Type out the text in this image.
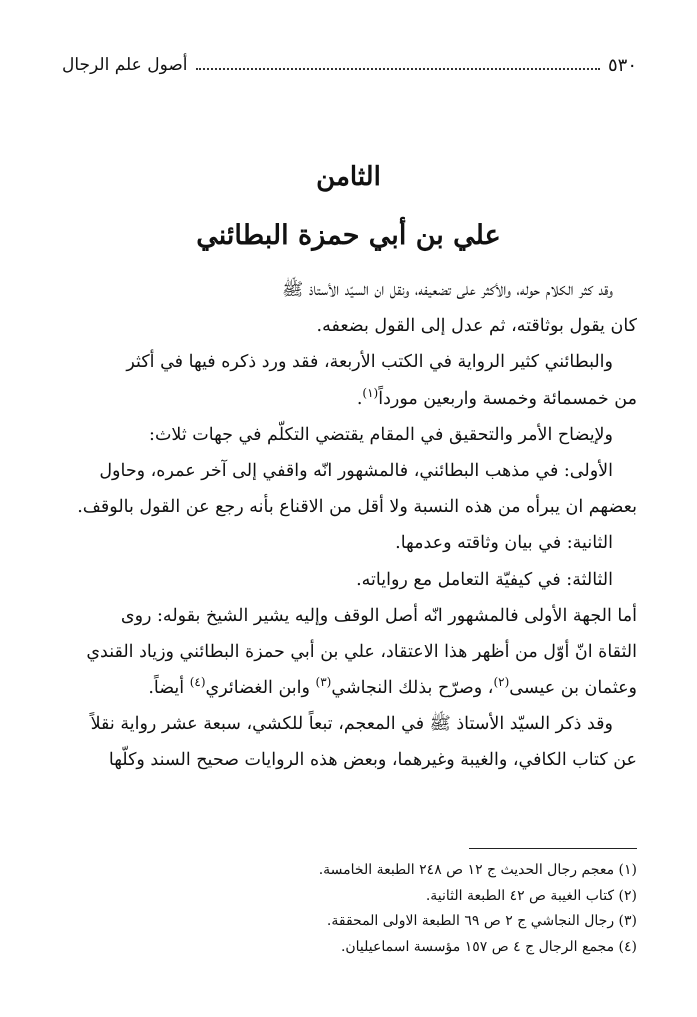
٥٣٠
أصول علم الرجال
الثامن
علي بن أبي حمزة البطائني
وقد كثر الكلام حوله، والأكثر على تضعيفه، ونقل ان السيّد الأستاذ ﷺ
كان يقول بوثاقته، ثم عدل إلى القول بضعفه.
والبطائني كثير الرواية في الكتب الأربعة، فقد ورد ذكره فيها في أكثر
من خمسمائة وخمسة واربعين مورداً$^{(١)}$.
ولإيضاح الأمر والتحقيق في المقام يقتضي التكلّم في جهات ثلاث:
الأولى: في مذهب البطائني، فالمشهور انّه واقفي إلى آخر عمره، وحاول
بعضهم ان يبرأه من هذه النسبة ولا أقل من الاقناع بأنه رجع عن القول بالوقف.
الثانية: في بيان وثاقته وعدمها.
الثالثة: في كيفيّة التعامل مع رواياته.
أما الجهة الأولى فالمشهور انّه أصل الوقف وإليه يشير الشيخ بقوله: روى
الثقاة انّ أوّل من أظهر هذا الاعتقاد، علي بن أبي حمزة البطائني وزياد القندي
وعثمان بن عيسى$^{(٢)}$، وصرّح بذلك النجاشي$^{(٣)}$ وابن الغضائري$^{(٤)}$ أيضاً.
وقد ذكر السيّد الأستاذ ﷺ في المعجم، تبعاً للكشي، سبعة عشر رواية نقلاً
عن كتاب الكافي، والغيبة وغيرهما، وبعض هذه الروايات صحيح السند وكلّها
(١) معجم رجال الحديث ج ١٢ ص ٢٤٨ الطبعة الخامسة.
(٢) كتاب الغيبة ص ٤٢ الطبعة الثانية.
(٣) رجال النجاشي ج ٢ ص ٦٩ الطبعة الاولى المحققة.
(٤) مجمع الرجال ج ٤ ص ١٥٧ مؤسسة اسماعيليان.
